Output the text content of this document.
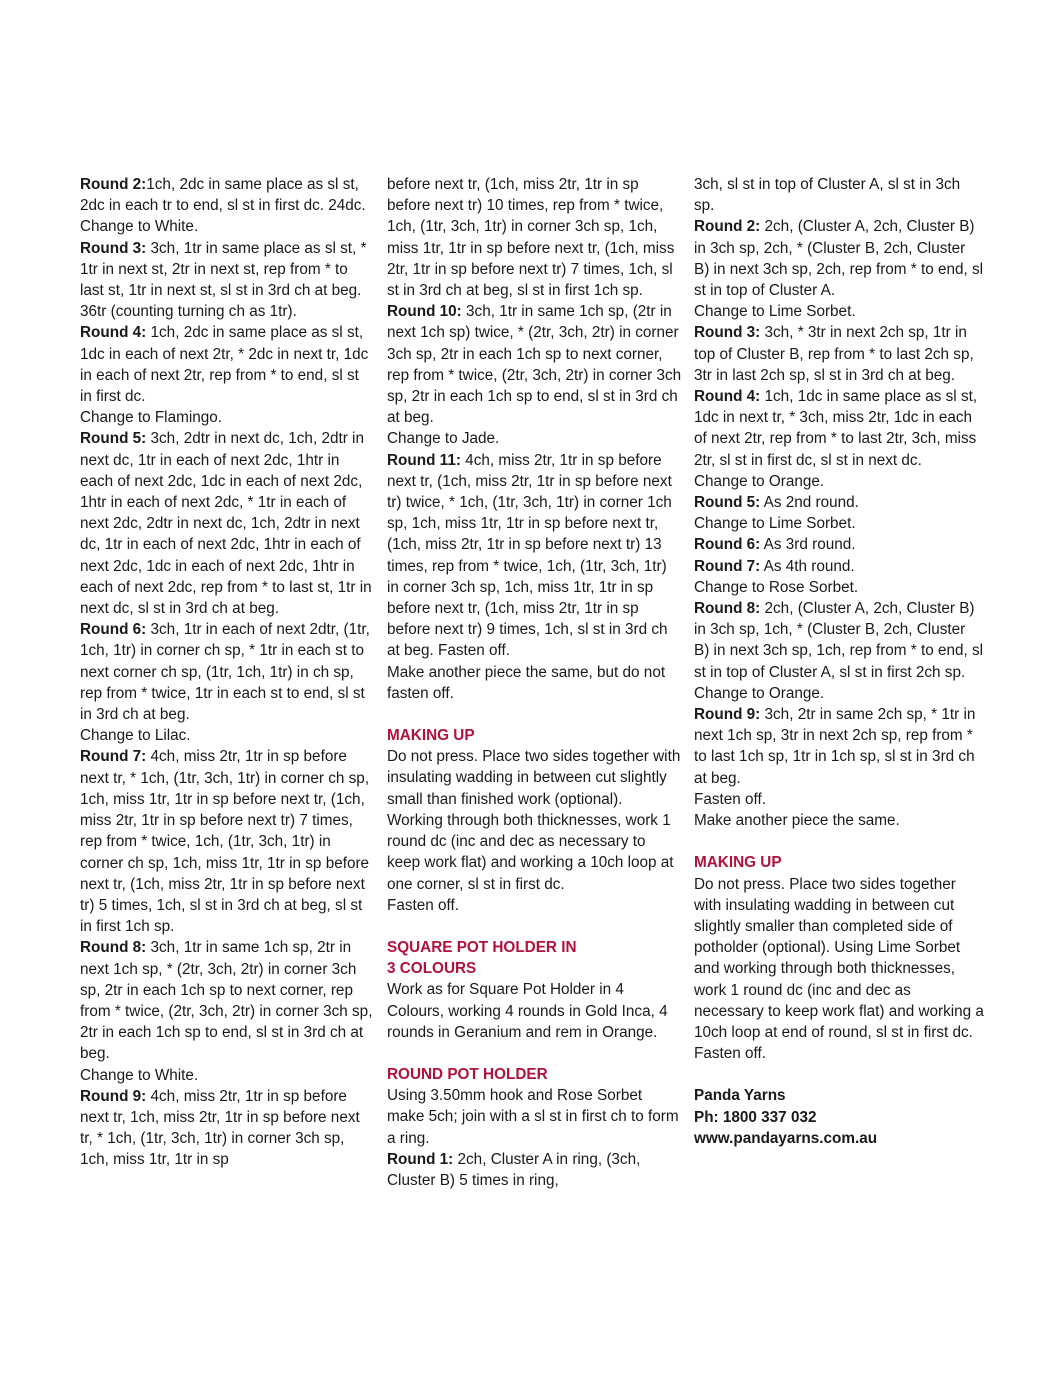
Round 2:1ch, 2dc in same place as sl st, 2dc in each tr to end, sl st in first dc. 24dc.
Change to White.
Round 3: 3ch, 1tr in same place as sl st, * 1tr in next st, 2tr in next st, rep from * to last st, 1tr in next st, sl st in 3rd ch at beg. 36tr (counting turning ch as 1tr).
Round 4: 1ch, 2dc in same place as sl st, 1dc in each of next 2tr, * 2dc in next tr, 1dc in each of next 2tr, rep from * to end, sl st in first dc.
Change to Flamingo.
Round 5: 3ch, 2dtr in next dc, 1ch, 2dtr in next dc, 1tr in each of next 2dc, 1htr in each of next 2dc, 1dc in each of next 2dc, 1htr in each of next 2dc, * 1tr in each of next 2dc, 2dtr in next dc, 1ch, 2dtr in next dc, 1tr in each of next 2dc, 1htr in each of next 2dc, 1dc in each of next 2dc, 1htr in each of next 2dc, rep from * to last st, 1tr in next dc, sl st in 3rd ch at beg.
Round 6: 3ch, 1tr in each of next 2dtr, (1tr, 1ch, 1tr) in corner ch sp, * 1tr in each st to next corner ch sp, (1tr, 1ch, 1tr) in ch sp, rep from * twice, 1tr in each st to end, sl st in 3rd ch at beg.
Change to Lilac.
Round 7: 4ch, miss 2tr, 1tr in sp before next tr, * 1ch, (1tr, 3ch, 1tr) in corner ch sp, 1ch, miss 1tr, 1tr in sp before next tr, (1ch, miss 2tr, 1tr in sp before next tr) 7 times, rep from * twice, 1ch, (1tr, 3ch, 1tr) in corner ch sp, 1ch, miss 1tr, 1tr in sp before next tr, (1ch, miss 2tr, 1tr in sp before next tr) 5 times, 1ch, sl st in 3rd ch at beg, sl st in first 1ch sp.
Round 8: 3ch, 1tr in same 1ch sp, 2tr in next 1ch sp, * (2tr, 3ch, 2tr) in corner 3ch sp, 2tr in each 1ch sp to next corner, rep from * twice, (2tr, 3ch, 2tr) in corner 3ch sp, 2tr in each 1ch sp to end, sl st in 3rd ch at beg.
Change to White.
Round 9: 4ch, miss 2tr, 1tr in sp before next tr, 1ch, miss 2tr, 1tr in sp before next tr, * 1ch, (1tr, 3ch, 1tr) in corner 3ch sp, 1ch, miss 1tr, 1tr in sp
before next tr, (1ch, miss 2tr, 1tr in sp before next tr) 10 times, rep from * twice, 1ch, (1tr, 3ch, 1tr) in corner 3ch sp, 1ch, miss 1tr, 1tr in sp before next tr, (1ch, miss 2tr, 1tr in sp before next tr) 7 times, 1ch, sl st in 3rd ch at beg, sl st in first 1ch sp.
Round 10: 3ch, 1tr in same 1ch sp, (2tr in next 1ch sp) twice, * (2tr, 3ch, 2tr) in corner 3ch sp, 2tr in each 1ch sp to next corner, rep from * twice, (2tr, 3ch, 2tr) in corner 3ch sp, 2tr in each 1ch sp to end, sl st in 3rd ch at beg.
Change to Jade.
Round 11: 4ch, miss 2tr, 1tr in sp before next tr, (1ch, miss 2tr, 1tr in sp before next tr) twice, * 1ch, (1tr, 3ch, 1tr) in corner 1ch sp, 1ch, miss 1tr, 1tr in sp before next tr, (1ch, miss 2tr, 1tr in sp before next tr) 13 times, rep from * twice, 1ch, (1tr, 3ch, 1tr) in corner 3ch sp, 1ch, miss 1tr, 1tr in sp before next tr, (1ch, miss 2tr, 1tr in sp before next tr) 9 times, 1ch, sl st in 3rd ch at beg. Fasten off.
Make another piece the same, but do not fasten off.
MAKING UP
Do not press. Place two sides together with insulating wadding in between cut slightly small than finished work (optional). Working through both thicknesses, work 1 round dc (inc and dec as necessary to keep work flat) and working a 10ch loop at one corner, sl st in first dc.
Fasten off.
SQUARE POT HOLDER IN
3 COLOURS
Work as for Square Pot Holder in 4 Colours, working 4 rounds in Gold Inca, 4 rounds in Geranium and rem in Orange.
ROUND POT HOLDER
Using 3.50mm hook and Rose Sorbet make 5ch; join with a sl st in first ch to form a ring.
Round 1: 2ch, Cluster A in ring, (3ch, Cluster B) 5 times in ring,
3ch, sl st in top of Cluster A, sl st in 3ch sp.
Round 2: 2ch, (Cluster A, 2ch, Cluster B) in 3ch sp, 2ch, * (Cluster B, 2ch, Cluster B) in next 3ch sp, 2ch, rep from * to end, sl st in top of Cluster A.
Change to Lime Sorbet.
Round 3: 3ch, * 3tr in next 2ch sp, 1tr in top of Cluster B, rep from * to last 2ch sp, 3tr in last 2ch sp, sl st in 3rd ch at beg.
Round 4: 1ch, 1dc in same place as sl st, 1dc in next tr, * 3ch, miss 2tr, 1dc in each of next 2tr, rep from * to last 2tr, 3ch, miss 2tr, sl st in first dc, sl st in next dc.
Change to Orange.
Round 5: As 2nd round.
Change to Lime Sorbet.
Round 6: As 3rd round.
Round 7: As 4th round.
Change to Rose Sorbet.
Round 8: 2ch, (Cluster A, 2ch, Cluster B) in 3ch sp, 1ch, * (Cluster B, 2ch, Cluster B) in next 3ch sp, 1ch, rep from * to end, sl st in top of Cluster A, sl st in first 2ch sp.
Change to Orange.
Round 9: 3ch, 2tr in same 2ch sp, * 1tr in next 1ch sp, 3tr in next 2ch sp, rep from * to last 1ch sp, 1tr in 1ch sp, sl st in 3rd ch at beg.
Fasten off.
Make another piece the same.
MAKING UP
Do not press. Place two sides together with insulating wadding in between cut slightly smaller than completed side of potholder (optional). Using Lime Sorbet and working through both thicknesses, work 1 round dc (inc and dec as necessary to keep work flat) and working a 10ch loop at end of round, sl st in first dc.
Fasten off.
Panda Yarns
Ph: 1800 337 032
www.pandayarns.com.au
